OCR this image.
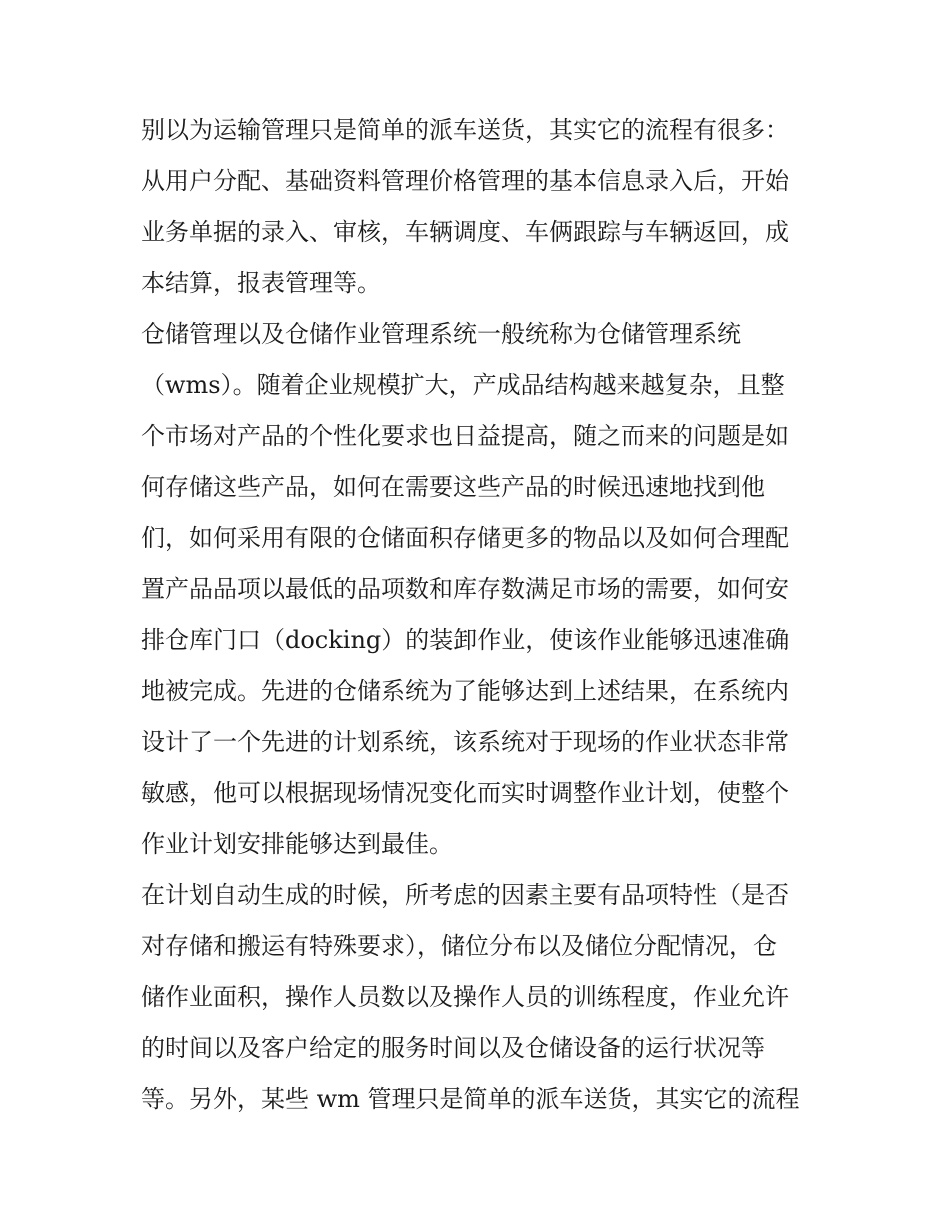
别以为运输管理只是简单的派车送货，其实它的流程有很多：
从用户分配、基础资料管理价格管理的基本信息录入后，开始
业务单据的录入、审核，车辆调度、车俩跟踪与车辆返回，成
本结算，报表管理等。
仓储管理以及仓储作业管理系统一般统称为仓储管理系统
（wms）。随着企业规模扩大，产成品结构越来越复杂，且整
个市场对产品的个性化要求也日益提高，随之而来的问题是如
何存储这些产品，如何在需要这些产品的时候迅速地找到他
们，如何采用有限的仓储面积存储更多的物品以及如何合理配
置产品品项以最低的品项数和库存数满足市场的需要，如何安
排仓库门口（docking）的装卸作业，使该作业能够迅速准确
地被完成。先进的仓储系统为了能够达到上述结果，在系统内
设计了一个先进的计划系统，该系统对于现场的作业状态非常
敏感，他可以根据现场情况变化而实时调整作业计划，使整个
作业计划安排能够达到最佳。
在计划自动生成的时候，所考虑的因素主要有品项特性（是否
对存储和搬运有特殊要求），储位分布以及储位分配情况，仓
储作业面积，操作人员数以及操作人员的训练程度，作业允许
的时间以及客户给定的服务时间以及仓储设备的运行状况等
等。另外，某些 wm 管理只是简单的派车送货，其实它的流程
